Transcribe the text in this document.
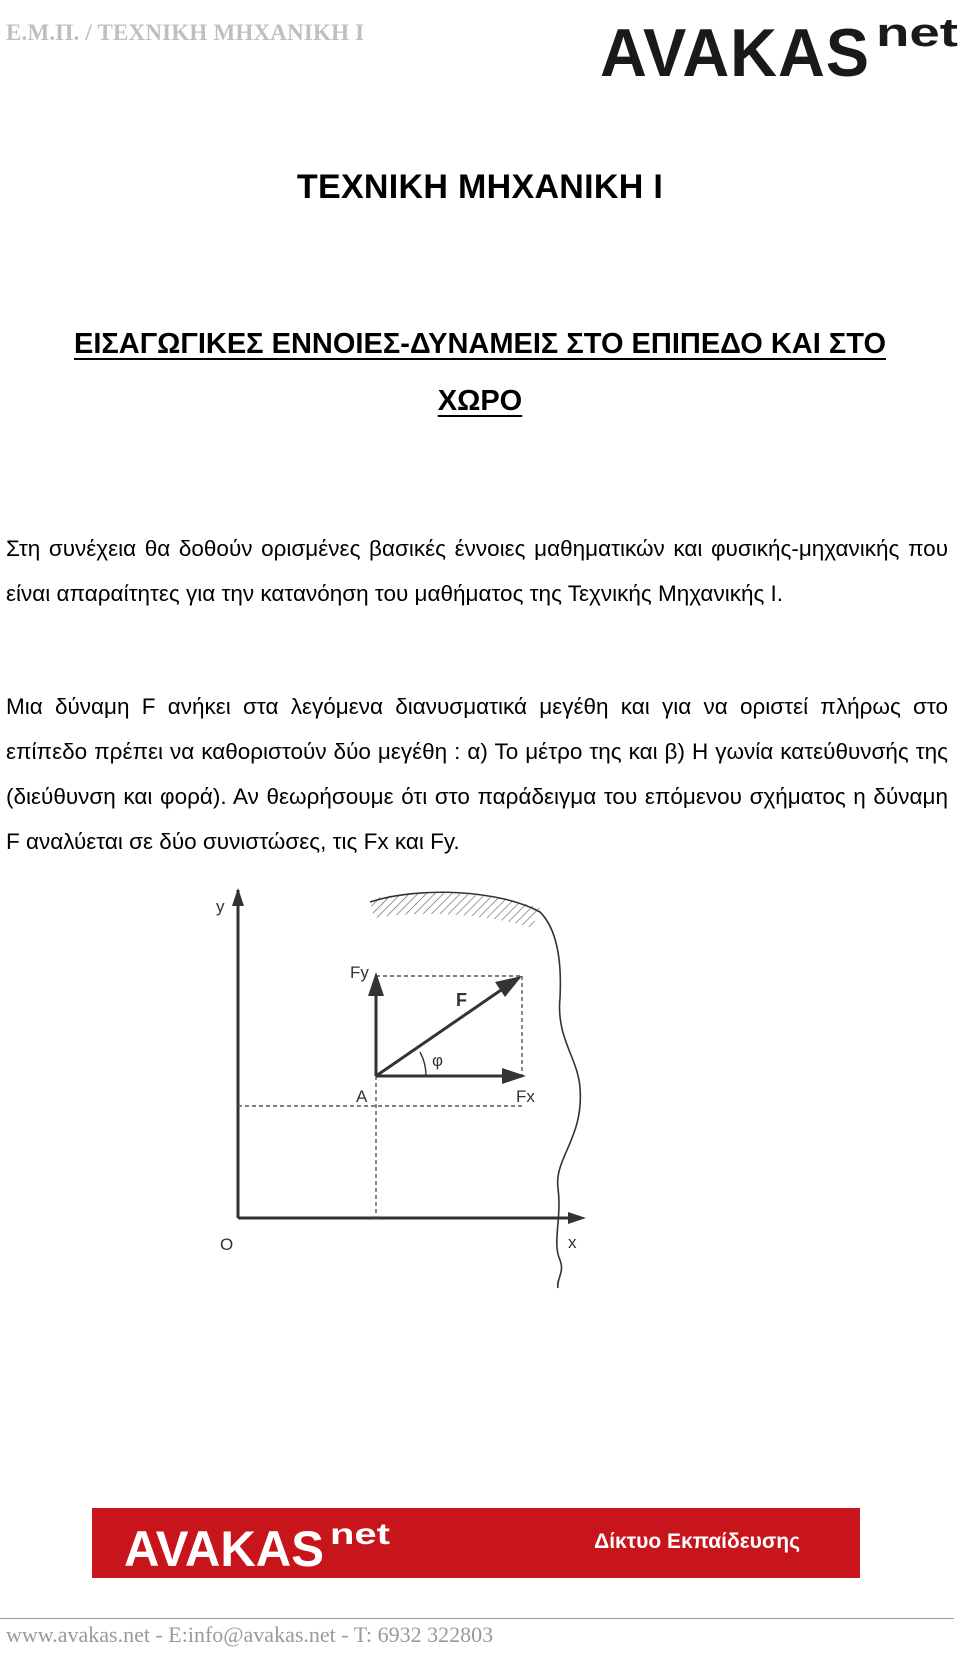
Ε.Μ.Π. / ΤΕΧΝΙΚΗ ΜΗΧΑΝΙΚΗ Ι	AVAKAS net
ΤΕΧΝΙΚΗ ΜΗΧΑΝΙΚΗ Ι
ΕΙΣΑΓΩΓΙΚΕΣ ΕΝΝΟΙΕΣ-ΔΥΝΑΜΕΙΣ ΣΤΟ ΕΠΙΠΕΔΟ ΚΑΙ ΣΤΟ
ΧΩΡΟ

Στη συνέχεια θα δοθούν ορισμένες βασικές έννοιες μαθηματικών και φυσικής-μηχανικής που είναι απαραίτητες για την κατανόηση του μαθήματος της Τεχνικής Μηχανικής Ι.

Μια δύναμη F ανήκει στα λεγόμενα διανυσματικά μεγέθη και για να οριστεί πλήρως στο επίπεδο πρέπει να καθοριστούν δύο μεγέθη : α) Το μέτρο της και β) Η γωνία κατεύθυνσής της (διεύθυνση και φορά). Αν θεωρήσουμε ότι στο παράδειγμα του επόμενου σχήματος η δύναμη F αναλύεται σε δύο συνιστώσες, τις Fx και Fy.

y
x
O
Fy
F
φ
A	Fx
AVAKAS net	Δίκτυο Εκπαίδευσης
www.avakas.net - E:info@avakas.net - T: 6932 322803
